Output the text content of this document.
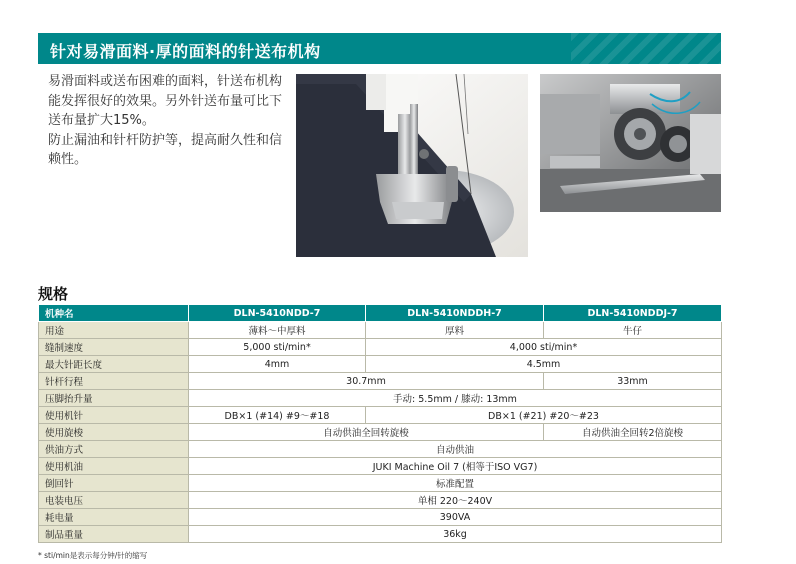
针对易滑面料·厚的面料的针送布机构

易滑面料或送布困难的面料，针送布机构能发挥很好的效果。另外针送布量可比下送布量扩大15%。

防止漏油和针杆防护等，提高耐久性和信赖性。

规格
机种名	DLN-5410NDD-7	DLN-5410NDDH-7	DLN-5410NDDJ-7
用途	薄料～中厚料	厚料	牛仔
缝制速度	5,000 sti/min*	4,000 sti/min*	
最大针距长度	4mm	4.5mm	
针杆行程	30.7mm		33mm
压脚抬升量	手动: 5.5mm / 膝动: 13mm		
使用机针	DB×1 (#14) #9～#18	DB×1 (#21) #20～#23	
使用旋梭	自动供油全回转旋梭		自动供油全回转2倍旋梭
供油方式	自动供油		
使用机油	JUKI Machine Oil 7 (相等于ISO VG7)		
倒回针	标准配置		
电装电压	单相 220～240V		
耗电量	390VA		
制品重量	36kg		
* sti/min是表示每分钟/针的缩写
